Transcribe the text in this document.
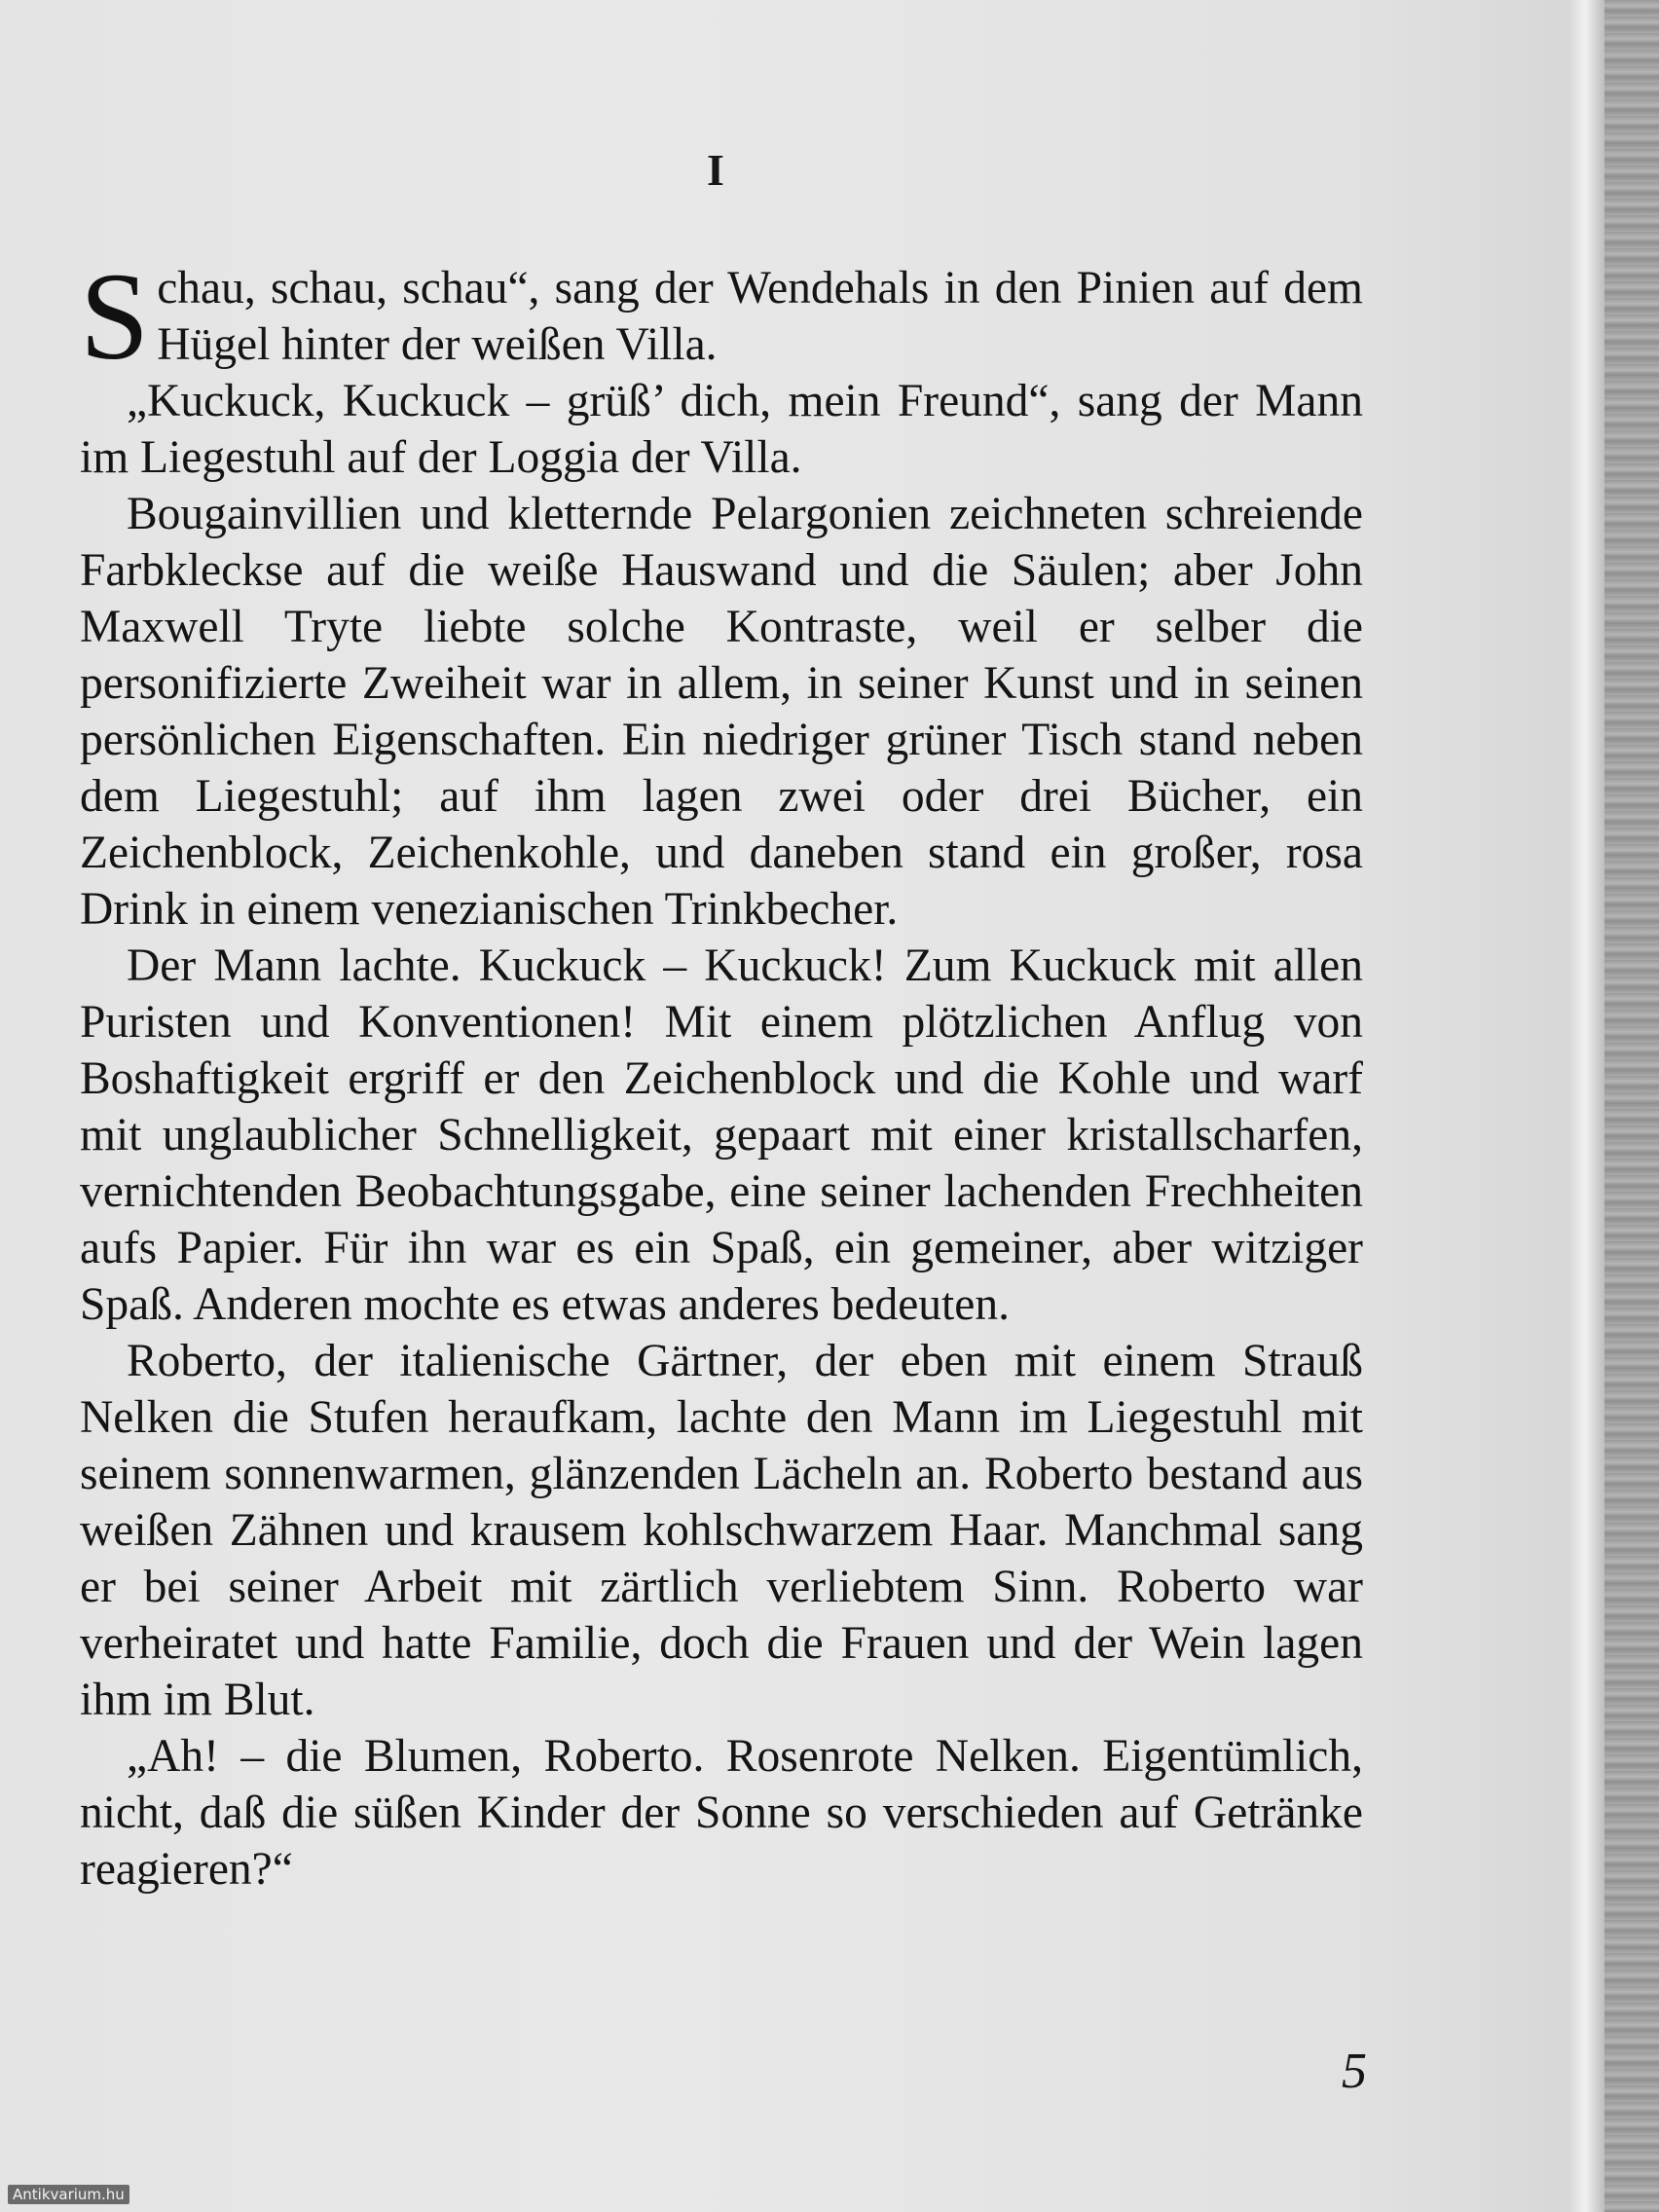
I

Schau, schau, schau“, sang der Wendehals in den Pinien auf dem Hügel hinter der weißen Villa.

„Kuckuck, Kuckuck – grüß’ dich, mein Freund“, sang der Mann im Liegestuhl auf der Loggia der Villa.

Bougainvillien und kletternde Pelargonien zeichneten schreiende Farbkleckse auf die weiße Hauswand und die Säulen; aber John Maxwell Tryte liebte solche Kontraste, weil er selber die personifizierte Zweiheit war in allem, in seiner Kunst und in seinen persönlichen Eigenschaften. Ein niedriger grüner Tisch stand neben dem Liegestuhl; auf ihm lagen zwei oder drei Bücher, ein Zeichenblock, Zeichenkohle, und daneben stand ein großer, rosa Drink in einem venezianischen Trinkbecher.

Der Mann lachte. Kuckuck – Kuckuck! Zum Kuckuck mit allen Puristen und Konventionen! Mit einem plötzlichen Anflug von Boshaftigkeit ergriff er den Zeichenblock und die Kohle und warf mit unglaublicher Schnelligkeit, gepaart mit einer kristallscharfen, vernichtenden Beobachtungsgabe, eine seiner lachenden Frechheiten aufs Papier. Für ihn war es ein Spaß, ein gemeiner, aber witziger Spaß. Anderen mochte es etwas anderes bedeuten.

Roberto, der italienische Gärtner, der eben mit einem Strauß Nelken die Stufen heraufkam, lachte den Mann im Liegestuhl mit seinem sonnenwarmen, glänzenden Lächeln an. Roberto bestand aus weißen Zähnen und krausem kohlschwarzem Haar. Manchmal sang er bei seiner Arbeit mit zärtlich verliebtem Sinn. Roberto war verheiratet und hatte Familie, doch die Frauen und der Wein lagen ihm im Blut.

„Ah! – die Blumen, Roberto. Rosenrote Nelken. Eigentümlich, nicht, daß die süßen Kinder der Sonne so verschieden auf Getränke reagieren?“

5
Antikvarium.hu
